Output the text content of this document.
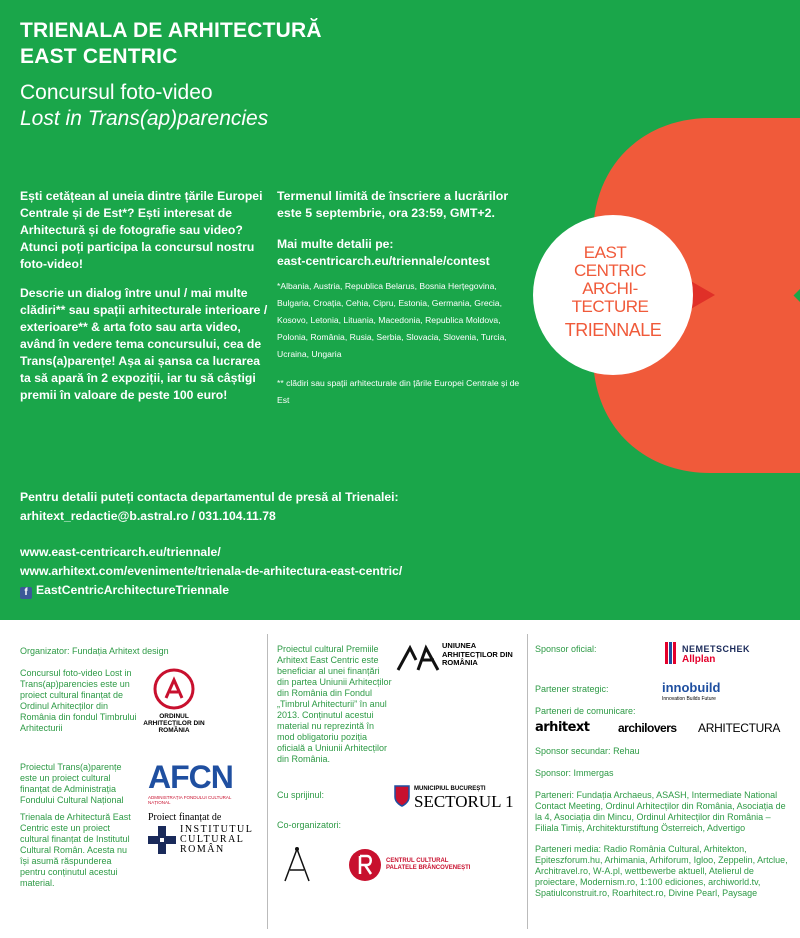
TRIENALA DE ARHITECTURĂ
EAST CENTRIC
Concursul foto-video
Lost in Trans(ap)parencies

Ești cetățean al uneia dintre țările Europei Centrale și de Est*? Ești interesat de Arhitectură și de fotografie sau video? Atunci poți participa la concursul nostru foto-video!

Descrie un dialog între unul / mai multe clădiri** sau spații arhitecturale interioare / exterioare** & arta foto sau arta video, având în vedere tema concursului, cea de Trans(a)parențe! Așa ai șansa ca lucrarea ta să apară în 2 expoziții, iar tu să câștigi premii în valoare de peste 100 euro!

Termenul limită de înscriere a lucrărilor este 5 septembrie, ora 23:59, GMT+2.
Mai multe detalii pe:
east-centricarch.eu/triennale/contest
*Albania, Austria, Republica Belarus, Bosnia Herțegovina, Bulgaria, Croația, Cehia, Cipru, Estonia, Germania, Grecia, Kosovo, Letonia, Lituania, Macedonia, Republica Moldova, Polonia, România, Rusia, Serbia, Slovacia, Slovenia, Turcia, Ucraina, Ungaria
** clădiri sau spații arhitecturale din țările Europei Centrale și de Est
EAST
CENTRIC
ARCHI-
TECTURE
TRIENNALE
Pentru detalii puteți contacta departamentul de presă al Trienalei:
arhitext_redactie@b.astral.ro / 031.104.11.78
www.east-centricarch.eu/triennale/
www.arhitext.com/evenimente/trienala-de-arhitectura-east-centric/
f EastCentricArchitectureTriennale
Organizator: Fundația Arhitext design
Concursul foto-video Lost in Trans(ap)parencies este un proiect cultural finanțat de Ordinul Arhitecților din România din fondul Timbrului Arhitecturii
ORDINUL ARHITECȚILOR DIN ROMÂNIA
Proiectul Trans(a)parențe este un proiect cultural finanțat de Administrația Fondului Cultural Național
AFCN
ADMINISTRAȚIA FONDULUI CULTURAL NAȚIONAL
Trienala de Arhitectură East Centric este un proiect cultural finanțat de Institutul Cultural Român. Acesta nu își asumă răspunderea pentru conținutul acestui material.
Proiect finanțat de
INSTITUTUL
CULTURAL
ROMÂN
Proiectul cultural Premiile Arhitext East Centric este beneficiar al unei finanțări din partea Uniunii Arhitecților din România din Fondul „Timbrul Arhitecturii” în anul 2013. Conținutul acestui material nu reprezintă în mod obligatoriu poziția oficială a Uniunii Arhitecților din România.
UNIUNEA
ARHITECȚILOR DIN
ROMÂNIA
Cu sprijinul:
MUNICIPIUL BUCUREȘTI
SECTORUL 1
Co-organizatori:
CENTRUL CULTURAL
PALATELE BRÂNCOVENEȘTI
Sponsor oficial:	NEMETSCHEK
Allplan
Partener strategic:	innobuild
Innovation Builds Future
Parteneri de comunicare:
arhitext archilovers ARHITECTURA
Sponsor secundar: Rehau
Sponsor: Immergas
Parteneri: Fundația Archaeus, ASASH, Intermediate National Contact Meeting, Ordinul Arhitecților din România, Asociația de la 4, Asociația din Mincu, Ordinul Arhitecților din România – Filiala Timiș, Architekturstiftung Österreich, Advertigo
Parteneri media: Radio România Cultural, Arhitekton, Epiteszforum.hu, Arhimania, Arhiforum, Igloo, Zeppelin, Artclue, Architravel.ro, W-A.pl, wettbewerbe aktuell, Atelierul de proiectare, Modernism.ro, 1:100 ediciones, archiworld.tv, Spatiulconstruit.ro, Roarhitect.ro, Divine Pearl, Paysage
